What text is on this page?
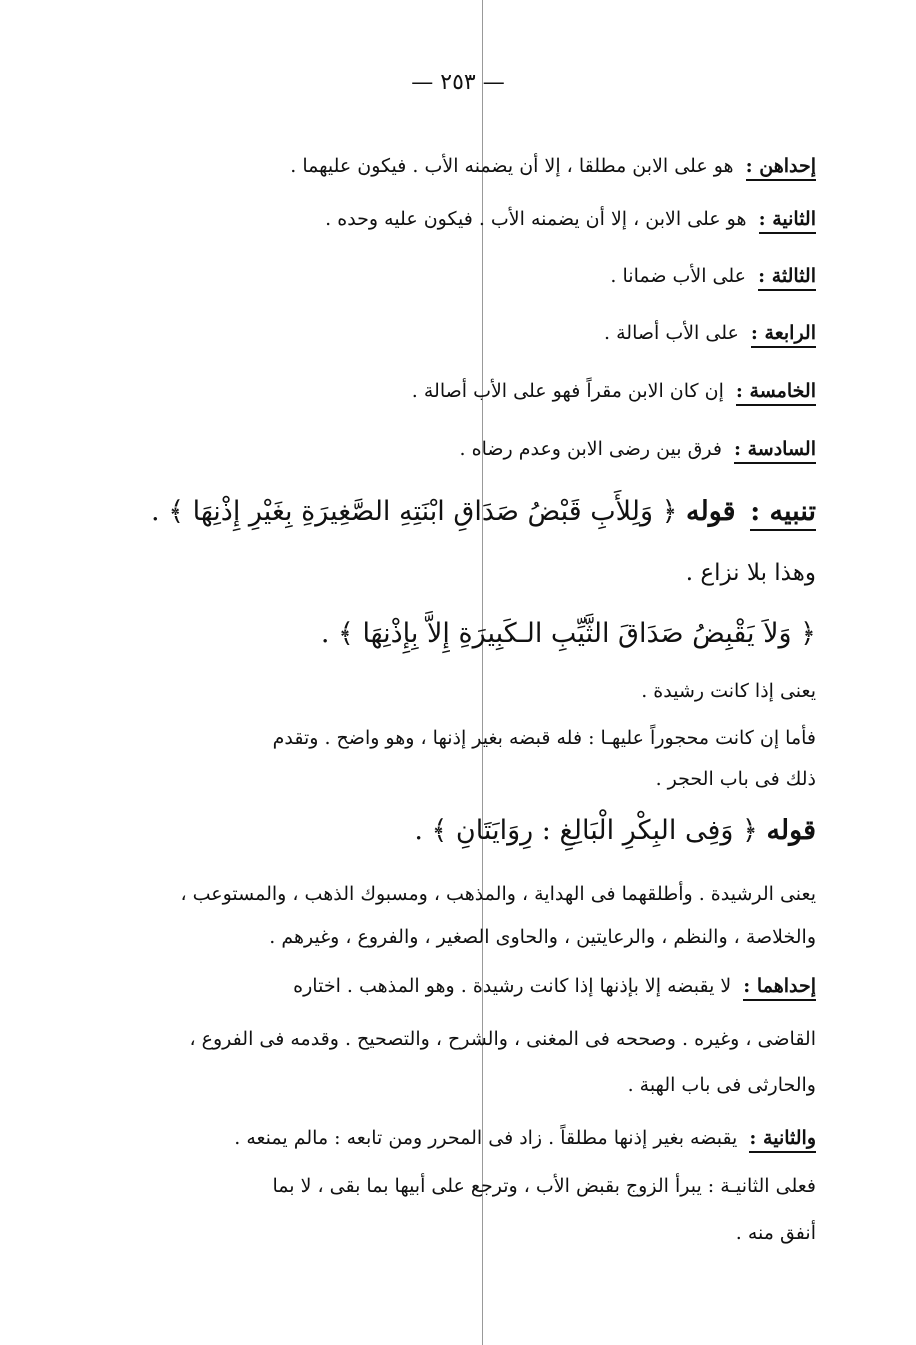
— ٢٥٣ —
إحداهن : هو على الابن مطلقا ، إلا أن يضمنه الأب . فيكون عليهما .
الثانية : هو على الابن ، إلا أن يضمنه الأب . فيكون عليه وحده .
الثالثة : على الأب ضمانا .
الرابعة : على الأب أصالة .
الخامسة : إن كان الابن مقراً فهو على الأب أصالة .
السادسة : فرق بين رضى الابن وعدم رضاه .
تنبيه : قوله ﴿ وَلِلأَبِ قَبْضُ صَدَاقِ ابْنَتِهِ الصَّغِيرَةِ بِغَيْرِ إِذْنِهَا ﴾ .
وهذا بلا نزاع .
﴿ وَلاَ يَقْبِضُ صَدَاقَ الثَّيِّبِ الـكَبِيرَةِ إِلاَّ بِإِذْنِهَا ﴾ .
يعنى إذا كانت رشيدة .
فأما إن كانت محجوراً عليهـا : فله قبضه بغير إذنها ، وهو واضح . وتقدم
ذلك فى باب الحجر .
قوله ﴿ وَفِى البِكْرِ الْبَالِغِ : رِوَايَتَانِ ﴾ .
يعنى الرشيدة . وأطلقهما فى الهداية ، والمذهب ، ومسبوك الذهب ، والمستوعب ،
والخلاصة ، والنظم ، والرعايتين ، والحاوى الصغير ، والفروع ، وغيرهم .
إحداهما : لا يقبضه إلا بإذنها إذا كانت رشيدة . وهو المذهب . اختاره
القاضى ، وغيره . وصححه فى المغنى ، والشرح ، والتصحيح . وقدمه فى الفروع ،
والحارثى فى باب الهبة .
والثانية : يقبضه بغير إذنها مطلقاً . زاد فى المحرر ومن تابعه : مالم يمنعه .
فعلى الثانيـة : يبرأ الزوج بقبض الأب ، وترجع على أبيها بما بقى ، لا بما
أنفق منه .
